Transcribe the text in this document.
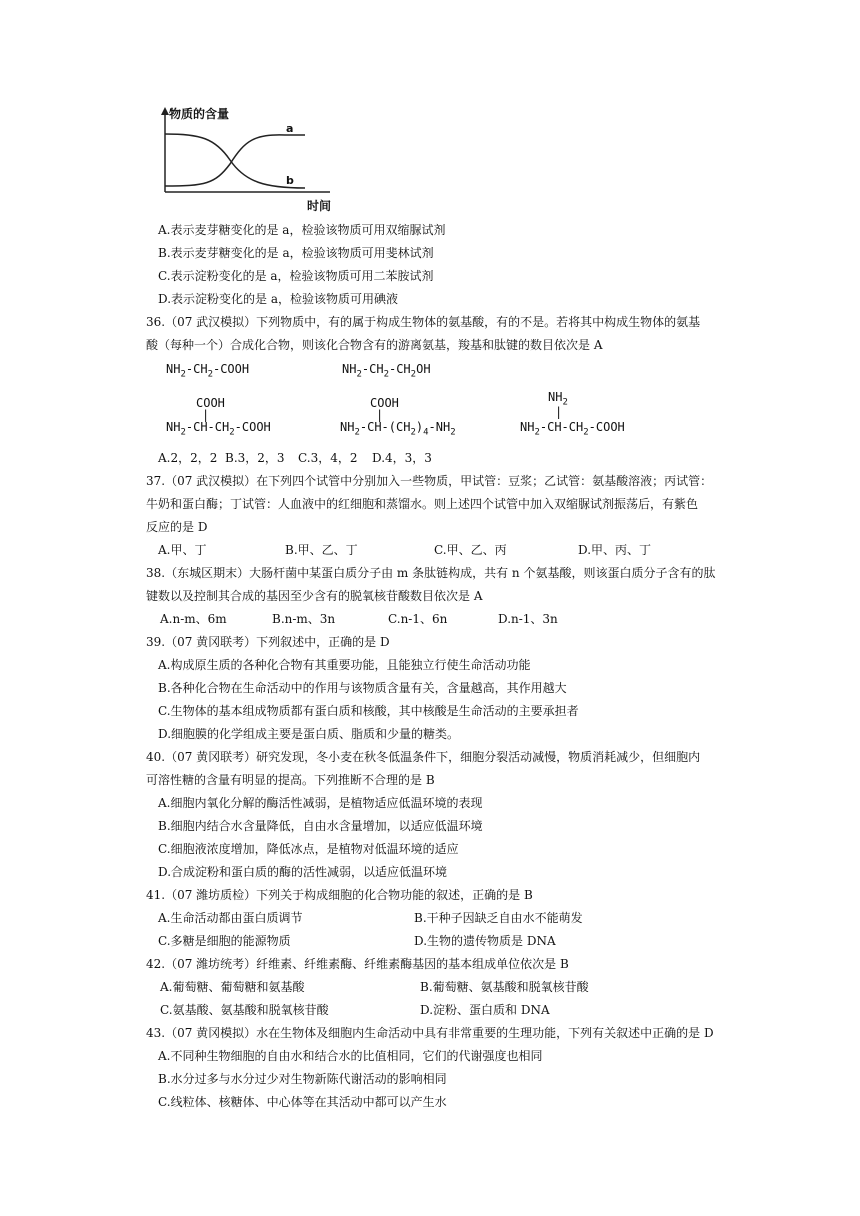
物质的含量
时间
a
b
A.表示麦芽糖变化的是 a，检验该物质可用双缩脲试剂
B.表示麦芽糖变化的是 a，检验该物质可用斐林试剂
C.表示淀粉变化的是 a，检验该物质可用二苯胺试剂
D.表示淀粉变化的是 a，检验该物质可用碘液
36.（07 武汉模拟）下列物质中，有的属于构成生物体的氨基酸，有的不是。若将其中构成生物体的氨基
酸（每种一个）合成化合物，则该化合物含有的游离氨基，羧基和肽键的数目依次是 A
$NH_2-CH_2$-COOH	$NH_2-CH_2-CH_2OH$
$NH_2$
|
COOH
|
$NH_2-CH-CH_2$-COOH
COOH
|
$NH_2-CH-(CH_2)_4-NH_2$	$NH_2-CH-CH_2$-COOH
A.2，2，2 B.3，2，3 C.3，4，2 D.4，3，3
37.（07 武汉模拟）在下列四个试管中分别加入一些物质，甲试管：豆浆；乙试管：氨基酸溶液；丙试管：
牛奶和蛋白酶；丁试管：人血液中的红细胞和蒸馏水。则上述四个试管中加入双缩脲试剂振荡后，有紫色
反应的是 D
A.甲、丁	B.甲、乙、丁	C.甲、乙、丙	D.甲、丙、丁
38.（东城区期末）大肠杆菌中某蛋白质分子由 m 条肽链构成，共有 n 个氨基酸，则该蛋白质分子含有的肽
键数以及控制其合成的基因至少含有的脱氧核苷酸数目依次是 A
A.n-m、6m	B.n-m、3n	C.n-1、6n	D.n-1、3n
39.（07 黄冈联考）下列叙述中，正确的是 D
A.构成原生质的各种化合物有其重要功能，且能独立行使生命活动功能
B.各种化合物在生命活动中的作用与该物质含量有关，含量越高，其作用越大
C.生物体的基本组成物质都有蛋白质和核酸，其中核酸是生命活动的主要承担者
D.细胞膜的化学组成主要是蛋白质、脂质和少量的糖类。
40.（07 黄冈联考）研究发现，冬小麦在秋冬低温条件下，细胞分裂活动减慢，物质消耗减少，但细胞内
可溶性糖的含量有明显的提高。下列推断不合理的是 B
A.细胞内氧化分解的酶活性减弱，是植物适应低温环境的表现
B.细胞内结合水含量降低，自由水含量增加，以适应低温环境
C.细胞液浓度增加，降低冰点，是植物对低温环境的适应
D.合成淀粉和蛋白质的酶的活性减弱，以适应低温环境
41.（07 潍坊质检）下列关于构成细胞的化合物功能的叙述，正确的是 B
A.生命活动都由蛋白质调节	B.干种子因缺乏自由水不能萌发
C.多糖是细胞的能源物质	D.生物的遗传物质是 DNA
42.（07 潍坊统考）纤维素、纤维素酶、纤维素酶基因的基本组成单位依次是 B
A.葡萄糖、葡萄糖和氨基酸	B.葡萄糖、氨基酸和脱氧核苷酸
C.氨基酸、氨基酸和脱氧核苷酸	D.淀粉、蛋白质和 DNA
43.（07 黄冈模拟）水在生物体及细胞内生命活动中具有非常重要的生理功能，下列有关叙述中正确的是 D
A.不同种生物细胞的自由水和结合水的比值相同，它们的代谢强度也相同
B.水分过多与水分过少对生物新陈代谢活动的影响相同
C.线粒体、核糖体、中心体等在其活动中都可以产生水
